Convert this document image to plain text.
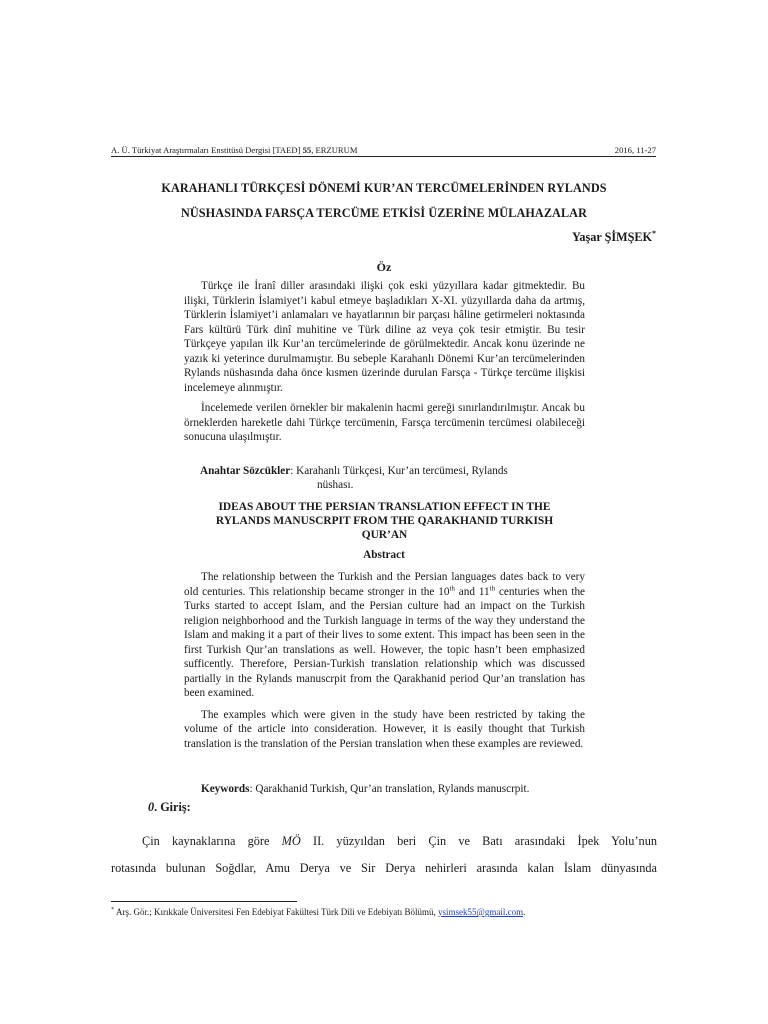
A. Ü. Türkiyat Araştırmaları Enstitüsü Dergisi [TAED] 55, ERZURUM	2016, 11-27
KARAHANLI TÜRKÇESİ DÖNEMİ KUR’AN TERCÜMELERİNDEN RYLANDS
NÜSHASINDA FARSÇA TERCÜME ETKİSİ ÜZERİNE MÜLAHAZALAR
Yaşar ŞİMŞEK*
Öz

Türkçe ile İranî diller arasındaki ilişki çok eski yüzyıllara kadar gitmektedir. Bu ilişki, Türklerin İslamiyet’i kabul etmeye başladıkları X-XI. yüzyıllarda daha da artmış, Türklerin İslamiyet’i anlamaları ve hayatlarının bir parçası hâline getirmeleri noktasında Fars kültürü Türk dinî muhitine ve Türk diline az veya çok tesir etmiştir. Bu tesir Türkçeye yapılan ilk Kur’an tercümelerinde de görülmektedir. Ancak konu üzerinde ne yazık ki yeterince durulmamıştır. Bu sebeple Karahanlı Dönemi Kur’an tercümelerinden Rylands nüshasında daha önce kısmen üzerinde durulan Farsça - Türkçe tercüme ilişkisi incelemeye alınmıştır.

İncelemede verilen örnekler bir makalenin hacmi gereği sınırlandırılmıştır. Ancak bu örneklerden hareketle dahi Türkçe tercümenin, Farsça tercümenin tercümesi olabileceği sonucuna ulaşılmıştır.

Anahtar Sözcükler : Karahanlı Türkçesi, Kur’an tercümesi, Rylands
nüshası.
IDEAS ABOUT THE PERSIAN TRANSLATION EFFECT IN THE
RYLANDS MANUSCRPIT FROM THE QARAKHANID TURKISH
QUR’AN
Abstract

The relationship between the Turkish and the Persian languages dates back to very old centuries. This relationship became stronger in the 10th and 11th centuries when the Turks started to accept Islam, and the Persian culture had an impact on the Turkish religion neighborhood and the Turkish language in terms of the way they understand the Islam and making it a part of their lives to some extent. This impact has been seen in the first Turkish Qur’an translations as well. However, the topic hasn’t been emphasized sufficently. Therefore, Persian-Turkish translation relationship which was discussed partially in the Rylands manuscrpit from the Qarakhanid period Qur’an translation has been examined.

The examples which were given in the study have been restricted by taking the volume of the article into consideration. However, it is easily thought that Turkish translation is the translation of the Persian translation when these examples are reviewed.

Keywords: Qarakhanid Turkish, Qur’an translation, Rylands manuscrpit.
0. Giriş:
Çin kaynaklarına göre MÖ II. yüzyıldan beri Çin ve Batı arasındaki İpek Yolu’nun
rotasında bulunan Soğdlar, Amu Derya ve Sir Derya nehirleri arasında kalan İslam dünyasında
* Arş. Gör.; Kırıkkale Üniversitesi Fen Edebiyat Fakültesi Türk Dili ve Edebiyatı Bölümü, ysimsek55@gmail.com.
